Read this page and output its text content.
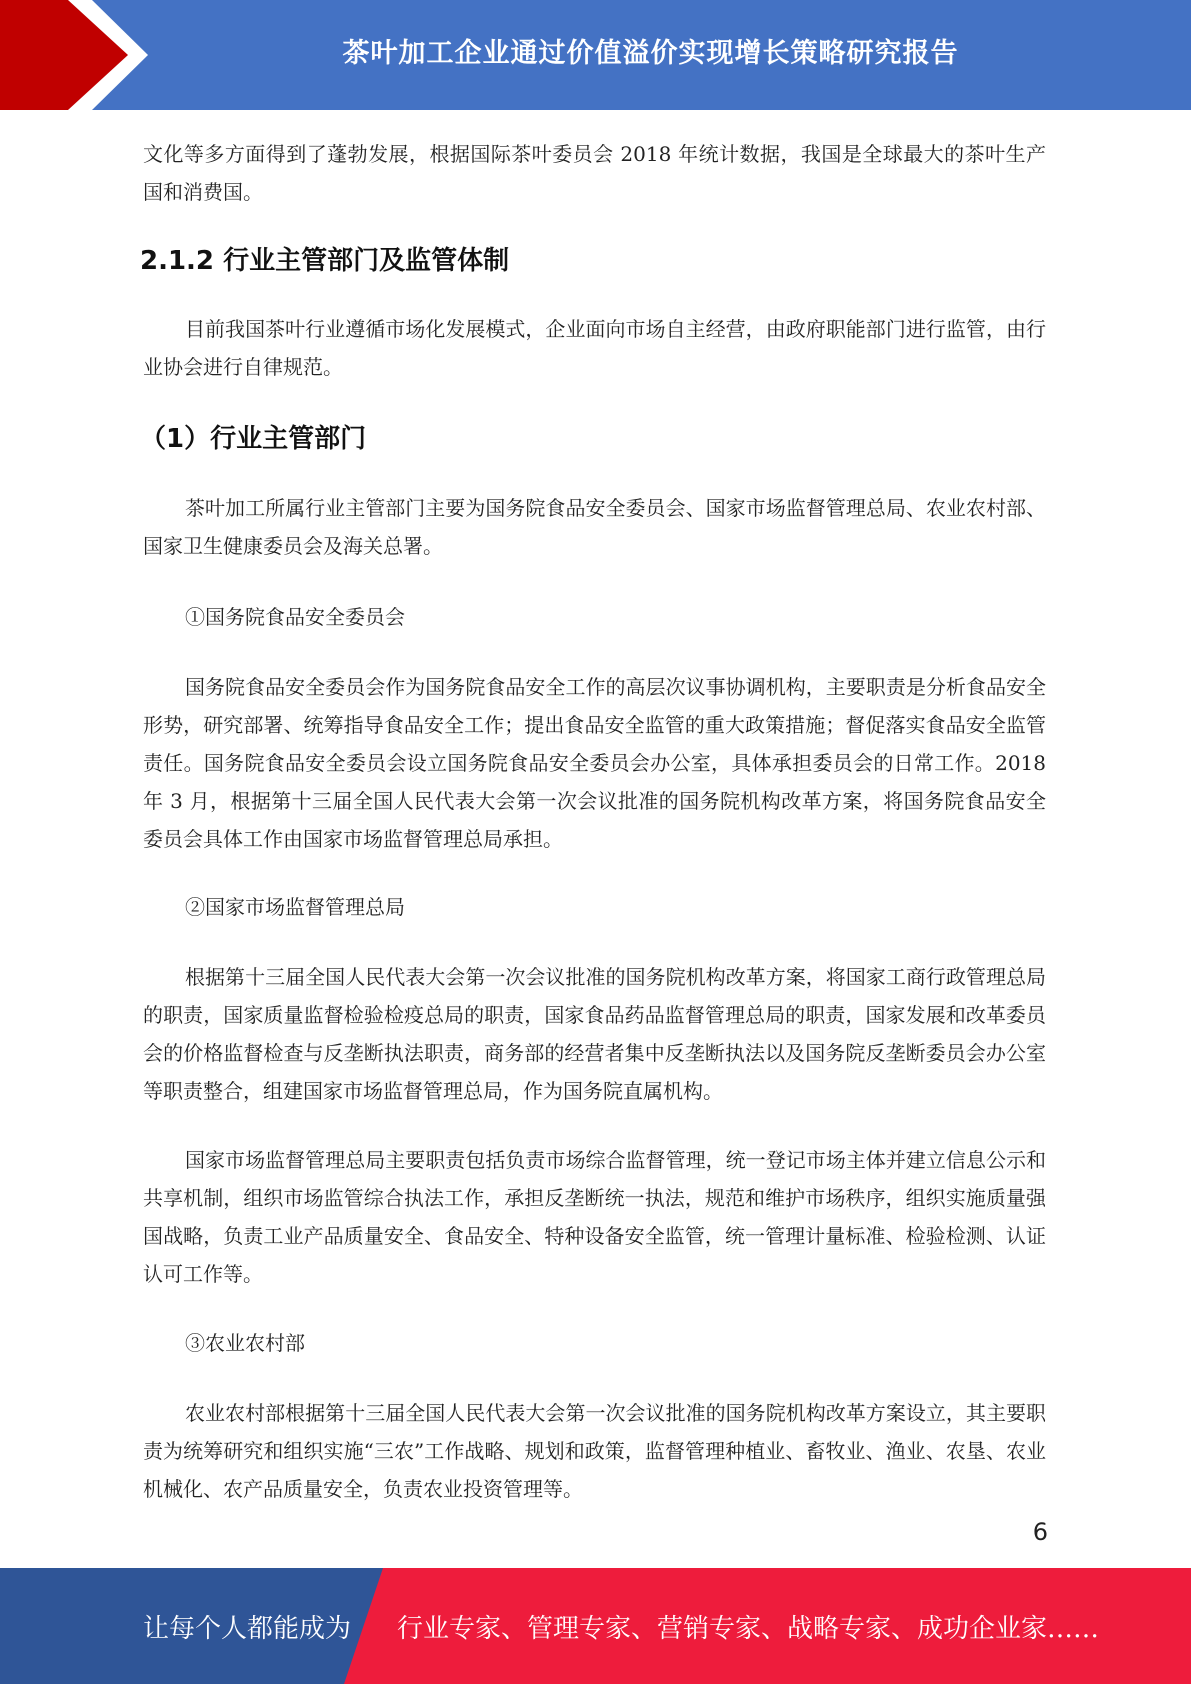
茶叶加工企业通过价值溢价实现增长策略研究报告

文化等多方面得到了蓬勃发展，根据国际茶叶委员会 2018 年统计数据，我国是全球最大的茶叶生产国和消费国。

2.1.2 行业主管部门及监管体制

目前我国茶叶行业遵循市场化发展模式，企业面向市场自主经营，由政府职能部门进行监管，由行业协会进行自律规范。

（1）行业主管部门

茶叶加工所属行业主管部门主要为国务院食品安全委员会、国家市场监督管理总局、农业农村部、国家卫生健康委员会及海关总署。

①国务院食品安全委员会

国务院食品安全委员会作为国务院食品安全工作的高层次议事协调机构，主要职责是分析食品安全形势，研究部署、统筹指导食品安全工作；提出食品安全监管的重大政策措施；督促落实食品安全监管责任。国务院食品安全委员会设立国务院食品安全委员会办公室，具体承担委员会的日常工作。2018 年 3 月，根据第十三届全国人民代表大会第一次会议批准的国务院机构改革方案，将国务院食品安全委员会具体工作由国家市场监督管理总局承担。

②国家市场监督管理总局

根据第十三届全国人民代表大会第一次会议批准的国务院机构改革方案，将国家工商行政管理总局的职责，国家质量监督检验检疫总局的职责，国家食品药品监督管理总局的职责，国家发展和改革委员会的价格监督检查与反垄断执法职责，商务部的经营者集中反垄断执法以及国务院反垄断委员会办公室等职责整合，组建国家市场监督管理总局，作为国务院直属机构。

国家市场监督管理总局主要职责包括负责市场综合监督管理，统一登记市场主体并建立信息公示和共享机制，组织市场监管综合执法工作，承担反垄断统一执法，规范和维护市场秩序，组织实施质量强国战略，负责工业产品质量安全、食品安全、特种设备安全监管，统一管理计量标准、检验检测、认证认可工作等。

③农业农村部

农业农村部根据第十三届全国人民代表大会第一次会议批准的国务院机构改革方案设立，其主要职责为统筹研究和组织实施“三农”工作战略、规划和政策，监督管理种植业、畜牧业、渔业、农垦、农业机械化、农产品质量安全，负责农业投资管理等。

6
让每个人都能成为 行业专家、管理专家、营销专家、战略专家、成功企业家……
